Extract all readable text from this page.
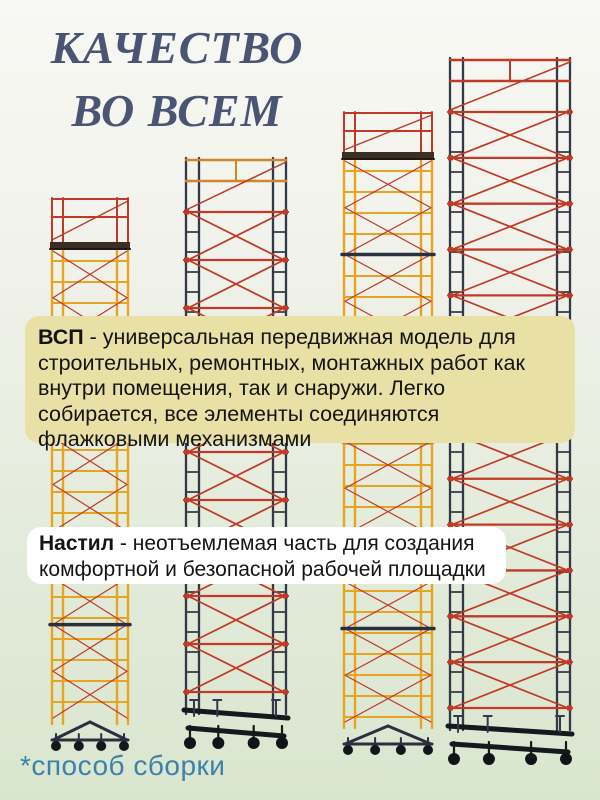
КАЧЕСТВО
ВО ВСЕМ
ВСП - универсальная передвижная модель для строительных, ремонтных, монтажных работ как внутри помещения, так и снаружи. Легко собирается, все элементы соединяются флажковыми механизмами
Настил - неотъемлемая часть для создания комфортной и безопасной рабочей площадки
*способ сборки
